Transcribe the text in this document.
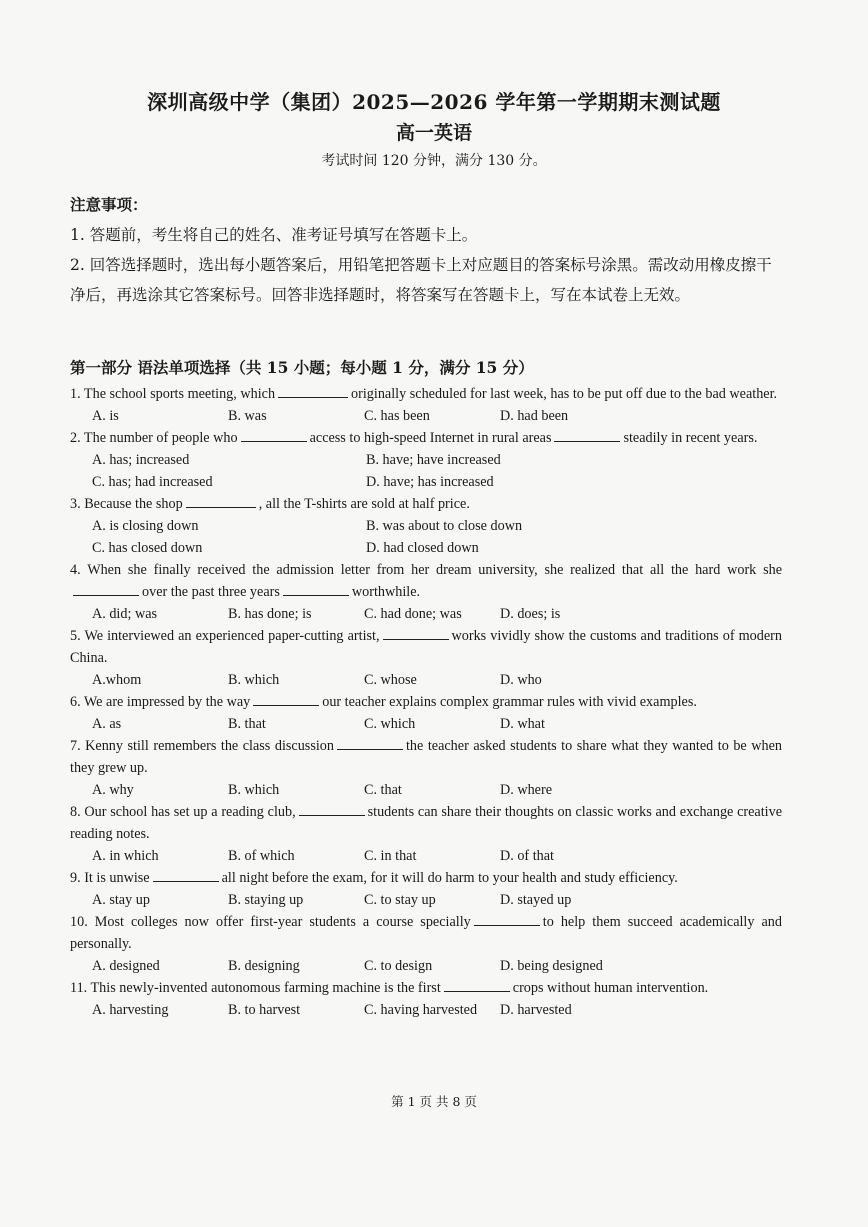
深圳高级中学（集团）2025—2026 学年第一学期期末测试题
高一英语
考试时间 120 分钟，满分 130 分。
注意事项：
1. 答题前，考生将自己的姓名、准考证号填写在答题卡上。
2. 回答选择题时，选出每小题答案后，用铅笔把答题卡上对应题目的答案标号涂黑。需改动用橡皮擦干净后，再选涂其它答案标号。回答非选择题时，将答案写在答题卡上，写在本试卷上无效。
第一部分 语法单项选择（共 15 小题；每小题 1 分，满分 15 分）
1. The school sports meeting, which	originally scheduled for last week, has to be put off due to the bad weather.
A. is	B. was	C. has been	D. had been
2. The number of people who	access to high-speed Internet in rural areas	steadily in recent years.
A. has; increased	B. have; have increased
C. has; had increased	D. have; has increased
3. Because the shop	, all the T-shirts are sold at half price.
A. is closing down	B. was about to close down
C. has closed down	D. had closed down
4. When she finally received the admission letter from her dream university, she realized that all the hard work she over the past three years	worthwhile.
A. did; was	B. has done; is	C. had done; was	D. does; is
5. We interviewed an experienced paper-cutting artist,	works vividly show the customs and traditions of modern China.
A.whom	B. which	C. whose	D. who
6. We are impressed by the way	our teacher explains complex grammar rules with vivid examples.
A. as	B. that	C. which	D. what
7. Kenny still remembers the class discussion	the teacher asked students to share what they wanted to be when they grew up.
A. why	B. which	C. that	D. where
8. Our school has set up a reading club,	students can share their thoughts on classic works and exchange creative reading notes.
A. in which	B. of which	C. in that	D. of that
9. It is unwise	all night before the exam, for it will do harm to your health and study efficiency.
A. stay up	B. staying up	C. to stay up	D. stayed up
10. Most colleges now offer first-year students a course specially	to help them succeed academically and personally.
A. designed	B. designing	C. to design	D. being designed
11. This newly-invented autonomous farming machine is the first	crops without human intervention.
A. harvesting	B. to harvest	C. having harvested	D. harvested
第 1 页 共 8 页
